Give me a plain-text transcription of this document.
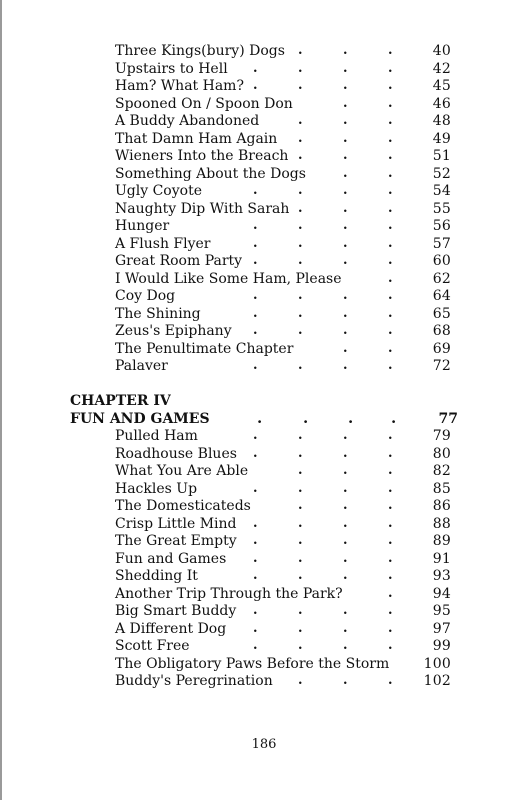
Three Kings(bury) Dogs .	.	.	40
Upstairs to Hell .	.	.	.	42
Ham? What Ham? .	.	.	.	45
Spooned On / Spoon Don	.	.	46
A Buddy Abandoned	.	.	.	48
That Damn Ham Again .	.	.	49
Wieners Into the Breach .	.	.	51
Something About the Dogs	.	.	52
Ugly Coyote	.	.	.	.	54
Naughty Dip With Sarah .	.	.	55
Hunger	.	.	.	.	56
A Flush Flyer	.	.	.	.	57
Great Room Party .	.	.	.	60
I Would Like Some Ham, Please	.	62
Coy Dog	.	.	.	.	64
The Shining	.	.	.	.	65
Zeus's Epiphany .	.	.	.	68
The Penultimate Chapter	.	.	69
Palaver	.	.	.	.	72
CHAPTER IV
FUN AND GAMES	.	.	.	.	77
Pulled Ham	.	.	.	.	79
Roadhouse Blues .	.	.	.	80
What You Are Able	.	.	.	82
Hackles Up	.	.	.	.	85
The Domesticateds	.	.	.	86
Crisp Little Mind .	.	.	.	88
The Great Empty .	.	.	.	89
Fun and Games .	.	.	.	91
Shedding It	.	.	.	.	93
Another Trip Through the Park?	.	94
Big Smart Buddy .	.	.	.	95
A Different Dog .	.	.	.	97
Scott Free	.	.	.	.	99
The Obligatory Paws Before the Storm 100
Buddy's Peregrination .	.	. 102
186
